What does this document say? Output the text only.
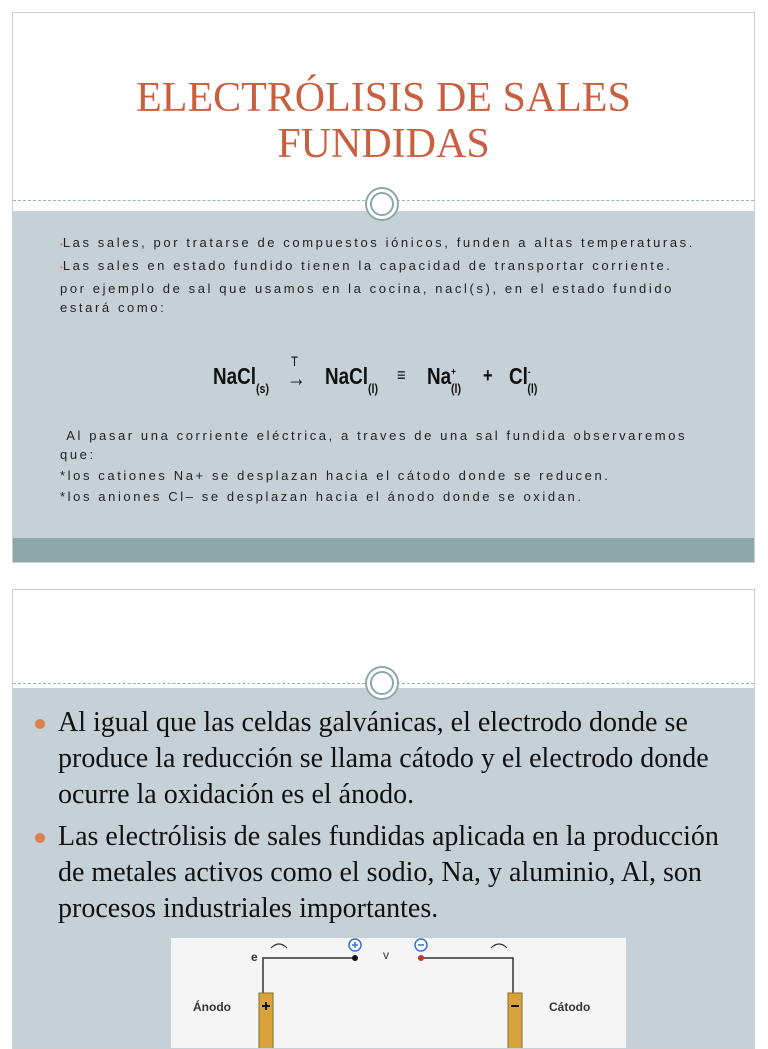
ELECTRÓLISIS DE SALES
FUNDIDAS

•Las sales, por tratarse de compuestos iónicos, funden a altas temperaturas.

•Las sales en estado fundido tienen la capacidad de transportar corriente.

por ejemplo de sal que usamos en la cocina, nacl(s), en el estado fundido estará como:

NaCl$_{(s)}$
T
→ NaCl$_{(l)}$
≡ $Na^+_{(l)}$
+ $Cl^-_{(l)}$

Al pasar una corriente eléctrica, a traves de una sal fundida observaremos que:

*los cationes Na+ se desplazan hacia el cátodo donde se reducen.

*los aniones Cl– se desplazan hacia el ánodo donde se oxidan.

Al igual que las celdas galvánicas, el electrodo donde se produce la reducción se llama cátodo y el electrodo donde ocurre la oxidación es el ánodo.
Las electrólisis de sales fundidas aplicada en la producción de metales activos como el sodio, Na, y aluminio, Al, son procesos industriales importantes.
e	v
Ánodo	Cátodo
